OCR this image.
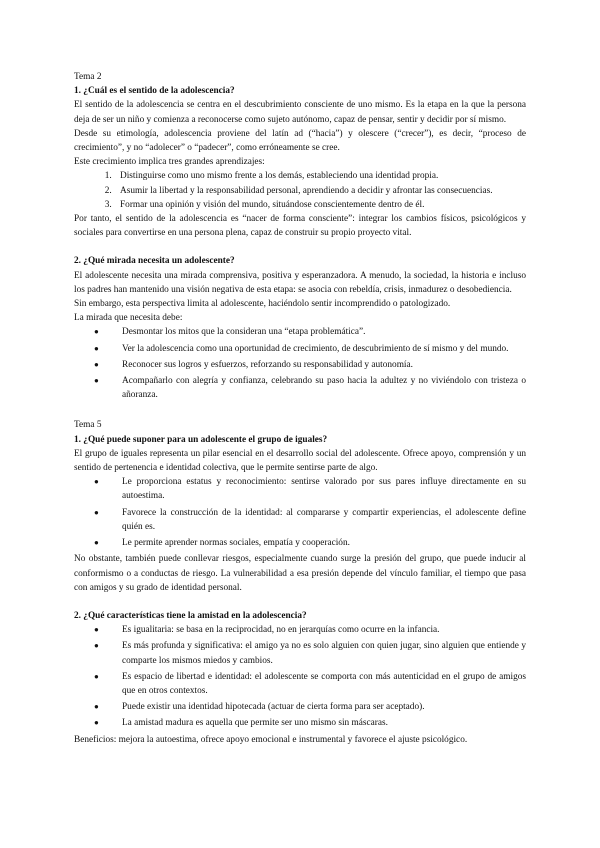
Tema 2

1. ¿Cuál es el sentido de la adolescencia?

El sentido de la adolescencia se centra en el descubrimiento consciente de uno mismo. Es la etapa en la que la persona deja de ser un niño y comienza a reconocerse como sujeto autónomo, capaz de pensar, sentir y decidir por sí mismo.

Desde su etimología, adolescencia proviene del latín ad (“hacia”) y olescere (“crecer”), es decir, “proceso de crecimiento”, y no “adolecer” o “padecer”, como erróneamente se cree.

Este crecimiento implica tres grandes aprendizajes:

1. Distinguirse como uno mismo frente a los demás, estableciendo una identidad propia.
2. Asumir la libertad y la responsabilidad personal, aprendiendo a decidir y afrontar las consecuencias.
3. Formar una opinión y visión del mundo, situándose conscientemente dentro de él.

Por tanto, el sentido de la adolescencia es “nacer de forma consciente”: integrar los cambios físicos, psicológicos y sociales para convertirse en una persona plena, capaz de construir su propio proyecto vital.

2. ¿Qué mirada necesita un adolescente?

El adolescente necesita una mirada comprensiva, positiva y esperanzadora. A menudo, la sociedad, la historia e incluso los padres han mantenido una visión negativa de esta etapa: se asocia con rebeldía, crisis, inmadurez o desobediencia.

Sin embargo, esta perspectiva limita al adolescente, haciéndolo sentir incomprendido o patologizado.

La mirada que necesita debe:

● Desmontar los mitos que la consideran una “etapa problemática”.
● Ver la adolescencia como una oportunidad de crecimiento, de descubrimiento de sí mismo y del mundo.
● Reconocer sus logros y esfuerzos, reforzando su responsabilidad y autonomía.
● Acompañarlo con alegría y confianza, celebrando su paso hacia la adultez y no viviéndolo con tristeza o añoranza.

Tema 5

1. ¿Qué puede suponer para un adolescente el grupo de iguales?

El grupo de iguales representa un pilar esencial en el desarrollo social del adolescente. Ofrece apoyo, comprensión y un sentido de pertenencia e identidad colectiva, que le permite sentirse parte de algo.

● Le proporciona estatus y reconocimiento: sentirse valorado por sus pares influye directamente en su autoestima.
● Favorece la construcción de la identidad: al compararse y compartir experiencias, el adolescente define quién es.
● Le permite aprender normas sociales, empatía y cooperación.

No obstante, también puede conllevar riesgos, especialmente cuando surge la presión del grupo, que puede inducir al conformismo o a conductas de riesgo. La vulnerabilidad a esa presión depende del vínculo familiar, el tiempo que pasa con amigos y su grado de identidad personal.

2. ¿Qué características tiene la amistad en la adolescencia?

● Es igualitaria: se basa en la reciprocidad, no en jerarquías como ocurre en la infancia.
● Es más profunda y significativa: el amigo ya no es solo alguien con quien jugar, sino alguien que entiende y comparte los mismos miedos y cambios.
● Es espacio de libertad e identidad: el adolescente se comporta con más autenticidad en el grupo de amigos que en otros contextos.
● Puede existir una identidad hipotecada (actuar de cierta forma para ser aceptado).
● La amistad madura es aquella que permite ser uno mismo sin máscaras.

Beneficios: mejora la autoestima, ofrece apoyo emocional e instrumental y favorece el ajuste psicológico.
